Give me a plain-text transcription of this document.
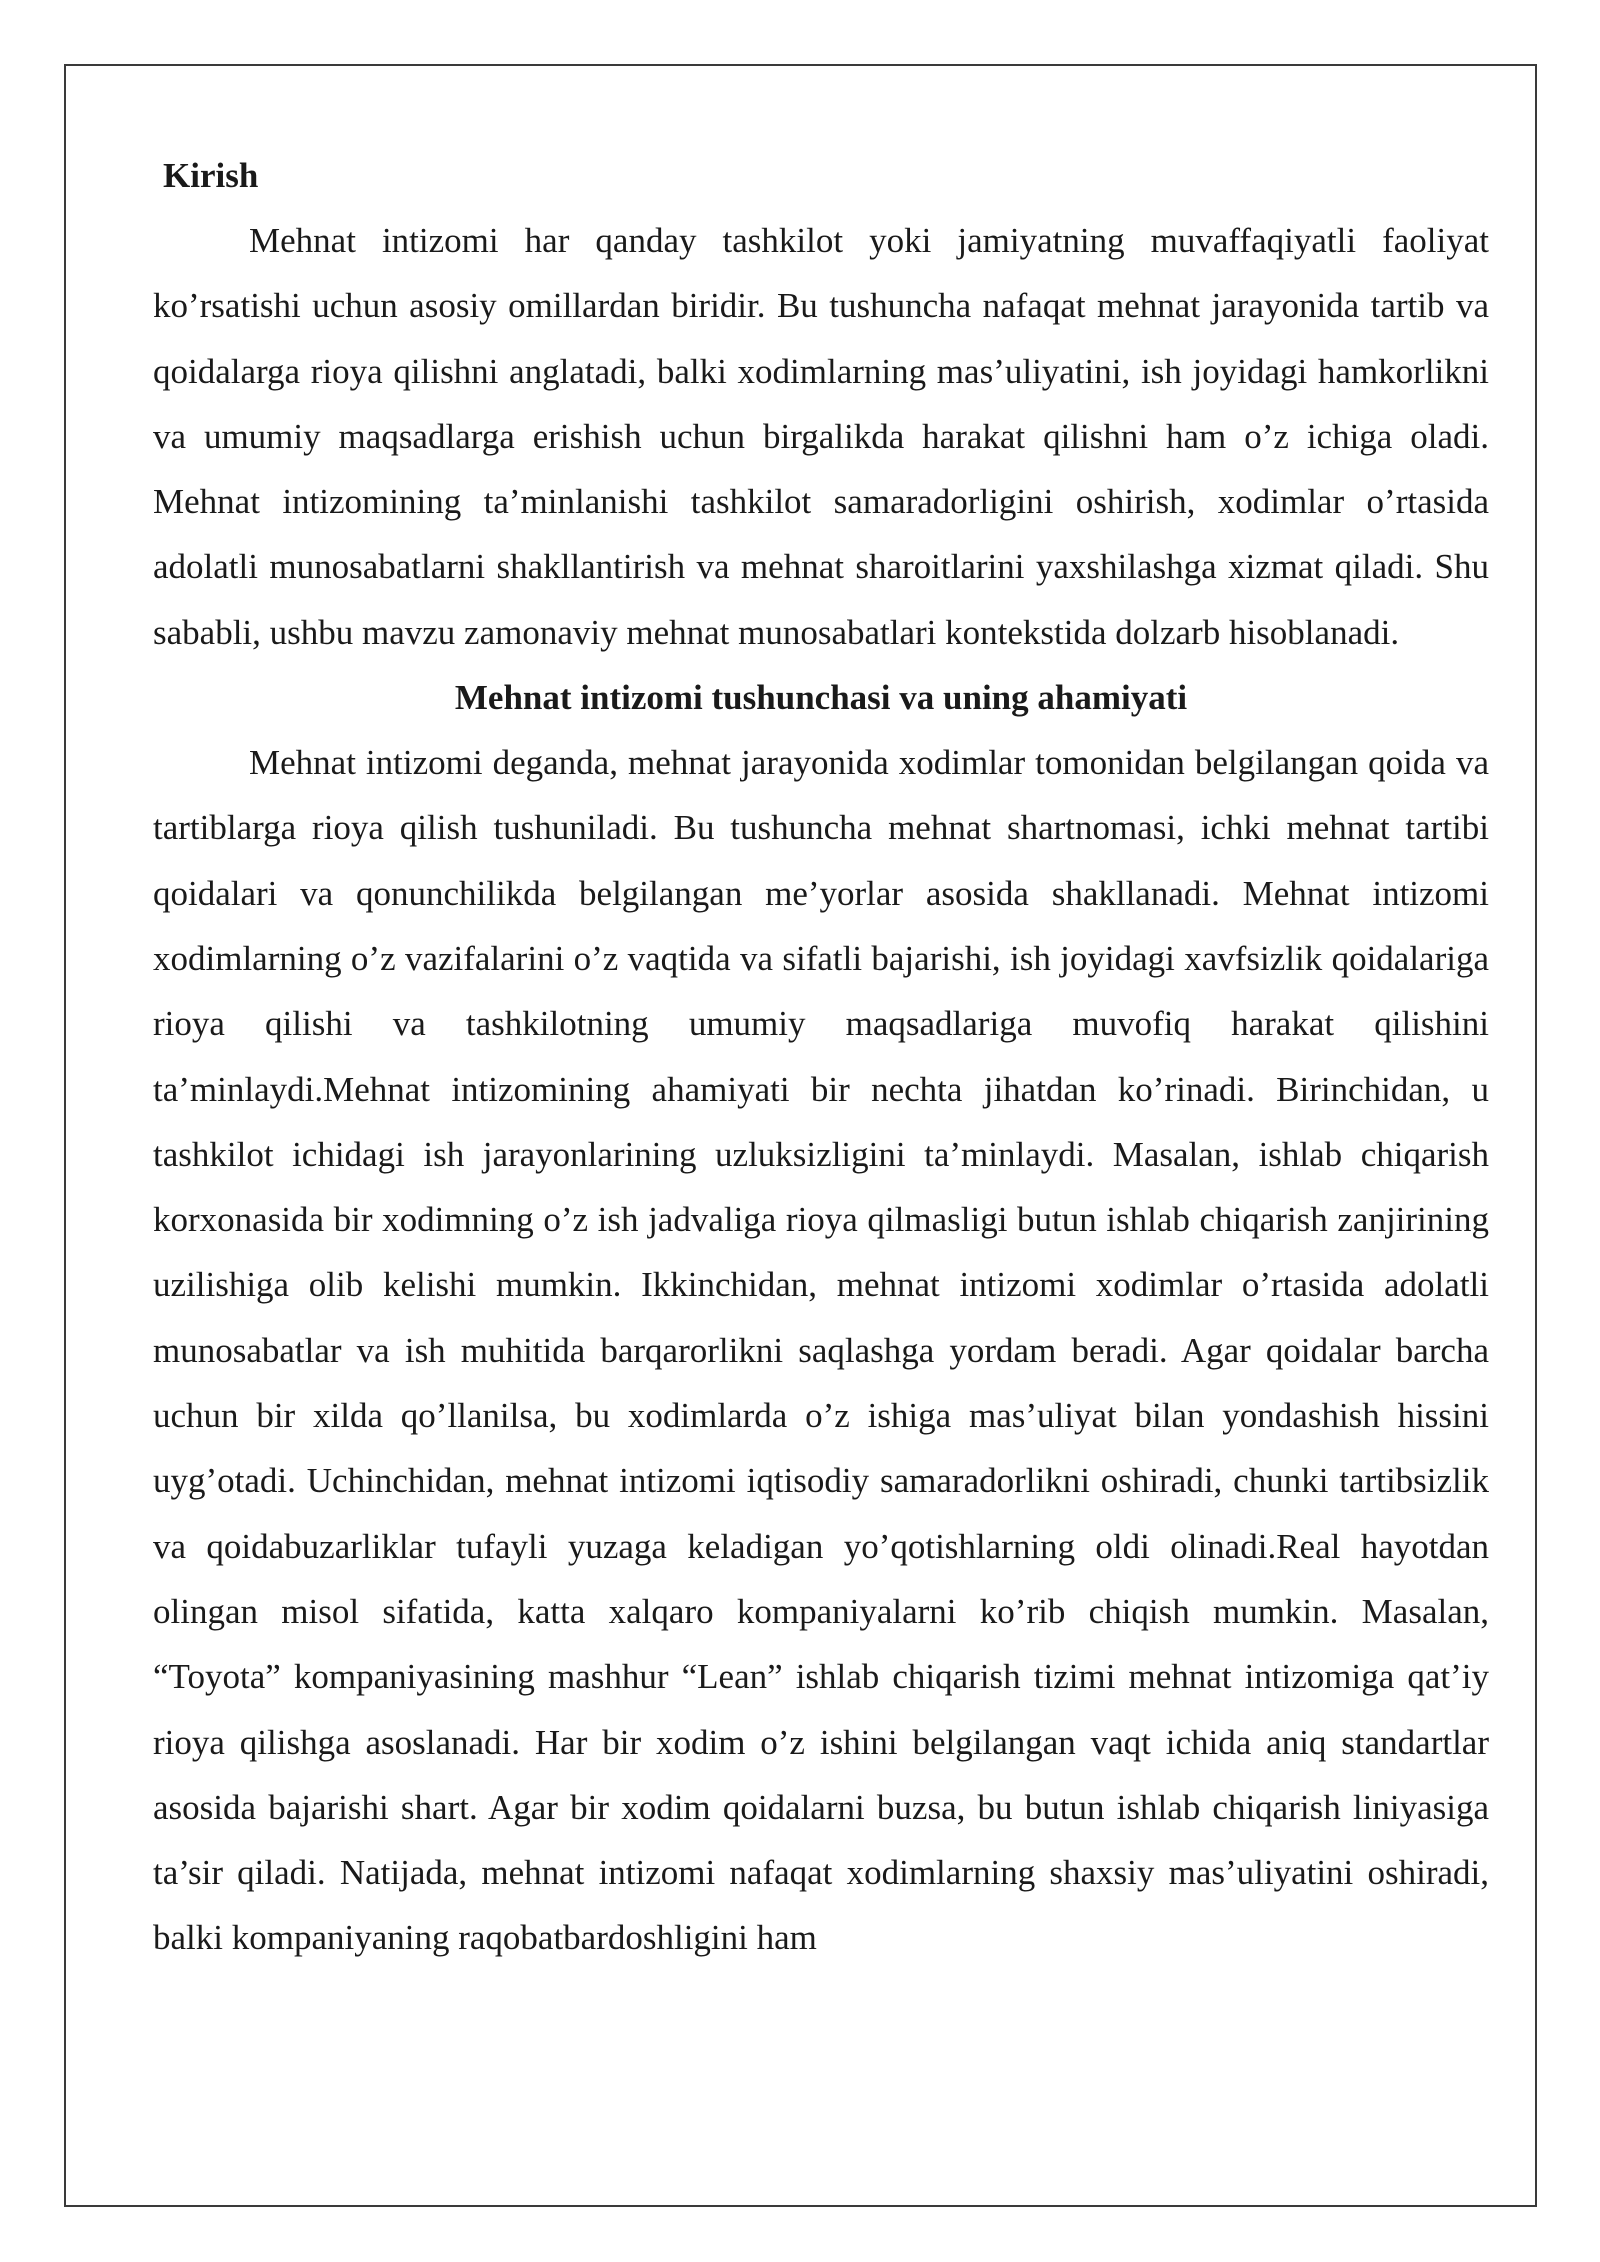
Kirish

Mehnat intizomi har qanday tashkilot yoki jamiyatning muvaffaqiyatli faoliyat ko’rsatishi uchun asosiy omillardan biridir. Bu tushuncha nafaqat mehnat jarayonida tartib va qoidalarga rioya qilishni anglatadi, balki xodimlarning mas’uliyatini, ish joyidagi hamkorlikni va umumiy maqsadlarga erishish uchun birgalikda harakat qilishni ham o’z ichiga oladi. Mehnat intizomining ta’minlanishi tashkilot samaradorligini oshirish, xodimlar o’rtasida adolatli munosabatlarni shakllantirish va mehnat sharoitlarini yaxshilashga xizmat qiladi. Shu sababli, ushbu mavzu zamonaviy mehnat munosabatlari kontekstida dolzarb hisoblanadi.

Mehnat intizomi tushunchasi va uning ahamiyati

Mehnat intizomi deganda, mehnat jarayonida xodimlar tomonidan belgilangan qoida va tartiblarga rioya qilish tushuniladi. Bu tushuncha mehnat shartnomasi, ichki mehnat tartibi qoidalari va qonunchilikda belgilangan me’yorlar asosida shakllanadi. Mehnat intizomi xodimlarning o’z vazifalarini o’z vaqtida va sifatli bajarishi, ish joyidagi xavfsizlik qoidalariga rioya qilishi va tashkilotning umumiy maqsadlariga muvofiq harakat qilishini ta’minlaydi.Mehnat intizomining ahamiyati bir nechta jihatdan ko’rinadi. Birinchidan, u tashkilot ichidagi ish jarayonlarining uzluksizligini ta’minlaydi. Masalan, ishlab chiqarish korxonasida bir xodimning o’z ish jadvaliga rioya qilmasligi butun ishlab chiqarish zanjirining uzilishiga olib kelishi mumkin. Ikkinchidan, mehnat intizomi xodimlar o’rtasida adolatli munosabatlar va ish muhitida barqarorlikni saqlashga yordam beradi. Agar qoidalar barcha uchun bir xilda qo’llanilsa, bu xodimlarda o’z ishiga mas’uliyat bilan yondashish hissini uyg’otadi. Uchinchidan, mehnat intizomi iqtisodiy samaradorlikni oshiradi, chunki tartibsizlik va qoidabuzarliklar tufayli yuzaga keladigan yo’qotishlarning oldi olinadi.Real hayotdan olingan misol sifatida, katta xalqaro kompaniyalarni ko’rib chiqish mumkin. Masalan, “Toyota” kompaniyasining mashhur “Lean” ishlab chiqarish tizimi mehnat intizomiga qat’iy rioya qilishga asoslanadi. Har bir xodim o’z ishini belgilangan vaqt ichida aniq standartlar asosida bajarishi shart. Agar bir xodim qoidalarni buzsa, bu butun ishlab chiqarish liniyasiga ta’sir qiladi. Natijada, mehnat intizomi nafaqat xodimlarning shaxsiy mas’uliyatini oshiradi, balki kompaniyaning raqobatbardoshligini ham
